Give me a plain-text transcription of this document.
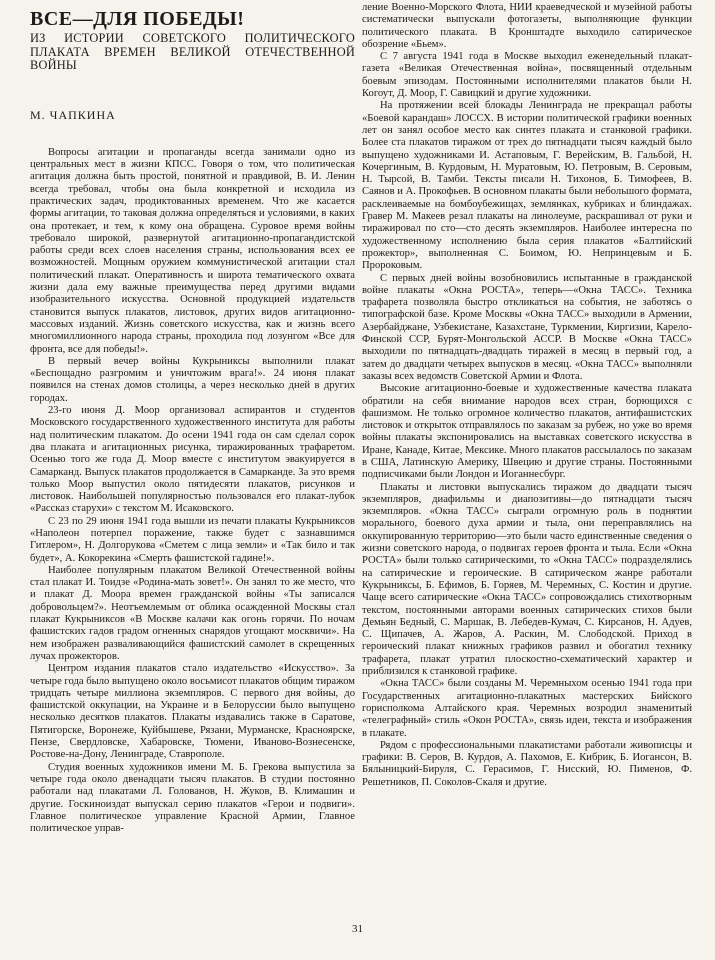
ВСЕ—ДЛЯ ПОБЕДЫ!
ИЗ ИСТОРИИ СОВЕТСКОГО ПОЛИТИЧЕСКОГО ПЛАКАТА ВРЕМЕН ВЕЛИКОЙ ОТЕЧЕСТВЕННОЙ ВОЙНЫ
М. ЧАПКИНА

Вопросы агитации и пропаганды всегда занимали одно из центральных мест в жизни КПСС. Говоря о том, что политическая агитация должна быть простой, понятной и правдивой, В. И. Ленин всегда требовал, чтобы она была конкретной и исходила из практических задач, продиктованных временем. Что же касается формы агитации, то таковая должна определяться и условиями, в каких она протекает, и тем, к кому она обращена. Суровое время войны требовало широкой, развернутой агитационно-пропагандистской работы среди всех слоев населения страны, использования всех ее возможностей. Мощным оружием коммунистической агитации стал политический плакат. Оперативность и широта тематического охвата жизни дала ему важные преимущества перед другими видами изобразительного искусства. Основной продукцией издательств становится выпуск плакатов, листовок, других видов агитационно-массовых изданий. Жизнь советского искусства, как и жизнь всего многомиллионного народа страны, проходила под лозунгом «Все для фронта, все для победы!».

В первый вечер войны Кукрыниксы выполнили плакат «Беспощадно разгромим и уничтожим врага!». 24 июня плакат появился на стенах домов столицы, а через несколько дней в других городах.

23-го июня Д. Моор организовал аспирантов и студентов Московского государственного художественного института для работы над политическим плакатом. До осени 1941 года он сам сделал сорок два плаката и агитационных рисунка, тиражированных трафаретом. Осенью того же года Д. Моор вместе с институтом эвакуируется в Самарканд. Выпуск плакатов продолжается в Самарканде. За это время только Моор выпустил около пятидесяти плакатов, рисунков и листовок. Наибольшей популярностью пользовался его плакат-лубок «Рассказ старухи» с текстом М. Исаковского.

С 23 по 29 июня 1941 года вышли из печати плакаты Кукрыниксов «Наполеон потерпел поражение, также будет с зазнавшимся Гитлером», Н. Долгорукова «Сметем с лица земли» и «Так било и так будет», А. Кокорекина «Смерть фашистской гадине!».

Наиболее популярным плакатом Великой Отечественной войны стал плакат И. Тоидзе «Родина-мать зовет!». Он занял то же место, что и плакат Д. Моора времен гражданской войны «Ты записался добровольцем?». Неотъемлемым от облика осажденной Москвы стал плакат Кукрыниксов «В Москве калачи как огонь горячи. По ночам фашистских гадов градом огненных снарядов угощают москвичи». На нем изображен разваливающийся фашистский самолет в скрещенных лучах прожекторов.

Центром издания плакатов стало издательство «Искусство». За четыре года было выпущено около восьмисот плакатов общим тиражом тридцать четыре миллиона экземпляров. С первого дня войны, до фашистской оккупации, на Украине и в Белоруссии было выпущено несколько десятков плакатов. Плакаты издавались также в Саратове, Пятигорске, Воронеже, Куйбышеве, Рязани, Мурманске, Красноярске, Пензе, Свердловске, Хабаровске, Тюмени, Иваново-Вознесенске, Ростове-на-Дону, Ленинграде, Ставрополе.

Студия военных художников имени М. Б. Грекова выпустила за четыре года около двенадцати тысяч плакатов. В студии постоянно работали над плакатами Л. Голованов, Н. Жуков, В. Климашин и другие. Госкиноиздат выпускал серию плакатов «Герои и подвиги». Главное политическое управление Красной Армии, Главное политическое управ-

ление Военно-Морского Флота, НИИ краеведческой и музейной работы систематически выпускали фотогазеты, выполняющие функции политического плаката. В Кронштадте выходило сатирическое обозрение «Бьем».

С 7 августа 1941 года в Москве выходил еженедельный плакат-газета «Великая Отечественная война», посвященный отдельным боевым эпизодам. Постоянными исполнителями плакатов были Н. Когоут, Д. Моор, Г. Савицкий и другие художники.

На протяжении всей блокады Ленинграда не прекращал работы «Боевой карандаш» ЛОССХ. В истории политической графики военных лет он занял особое место как синтез плаката и станковой графики. Более ста плакатов тиражом от трех до пятнадцати тысяч каждый было выпущено художниками И. Астаповым, Г. Верейским, В. Гальбой, Н. Кочергиным, В. Курдовым, Н. Муратовым, Ю. Петровым, В. Серовым, Н. Тырсой, В. Тамби. Тексты писали Н. Тихонов, Б. Тимофеев, В. Саянов и А. Прокофьев. В основном плакаты были небольшого формата, расклеиваемые на бомбоубежищах, землянках, кубриках и блиндажах. Гравер М. Макеев резал плакаты на линолеуме, раскрашивал от руки и тиражировал по сто—сто десять экземпляров. Наиболее интересна по художественному исполнению была серия плакатов «Балтийский прожектор», выполненная С. Боимом, Ю. Непринцевым и Б. Пророковым.

С первых дней войны возобновились испытанные в гражданской войне плакаты «Окна РОСТА», теперь—«Окна ТАСС». Техника трафарета позволяла быстро откликаться на события, не заботясь о типографской базе. Кроме Москвы «Окна ТАСС» выходили в Армении, Азербайджане, Узбекистане, Казахстане, Туркмении, Киргизии, Карело-Финской ССР, Бурят-Монгольской АССР. В Москве «Окна ТАСС» выходили по пятнадцать-двадцать тиражей в месяц в первый год, а затем до двадцати четырех выпусков в месяц. «Окна ТАСС» выполняли заказы всех ведомств Советской Армии и Флота.

Высокие агитационно-боевые и художественные качества плаката обратили на себя внимание народов всех стран, борющихся с фашизмом. Не только огромное количество плакатов, антифашистских листовок и открыток отправлялось по заказам за рубеж, но уже во время войны плакаты экспонировались на выставках советского искусства в Иране, Канаде, Китае, Мексике. Много плакатов рассылалось по заказам в США, Латинскую Америку, Швецию и другие страны. Постоянными подписчиками были Лондон и Иоганнесбург.

Плакаты и листовки выпускались тиражом до двадцати тысяч экземпляров, диафильмы и диапозитивы—до пятнадцати тысяч экземпляров. «Окна ТАСС» сыграли огромную роль в поднятии морального, боевого духа армии и тыла, они переправлялись на оккупированную территорию—это были часто единственные сведения о жизни советского народа, о подвигах героев фронта и тыла. Если «Окна РОСТА» были только сатирическими, то «Окна ТАСС» подразделялись на сатирические и героические. В сатирическом жанре работали Кукрыниксы, Б. Ефимов, Б. Горяев, М. Черемных, С. Костин и другие. Чаще всего сатирические «Окна ТАСС» сопровождались стихотворным текстом, постоянными авторами военных сатирических стихов были Демьян Бедный, С. Маршак, В. Лебедев-Кумач, С. Кирсанов, Н. Адуев, С. Щипачев, А. Жаров, А. Раскин, М. Слободской. Приход в героический плакат книжных графиков развил и обогатил технику трафарета, плакат утратил плоскостно-схематический характер и приблизился к станковой графике.

«Окна ТАСС» были созданы М. Черемныхом осенью 1941 года при Государственных агитационно-плакатных мастерских Бийского горисполкома Алтайского края. Черемных возродил знаменитый «телеграфный» стиль «Окон РОСТА», связь идеи, текста и изображения в плакате.

Рядом с профессиональными плакатистами работали живописцы и графики: В. Серов, В. Курдов, А. Пахомов, Е. Кибрик, Б. Иогансон, В. Бялыницкий-Бируля, С. Герасимов, Г. Нисский, Ю. Пименов, Ф. Решетников, П. Соколов-Скаля и другие.

31
